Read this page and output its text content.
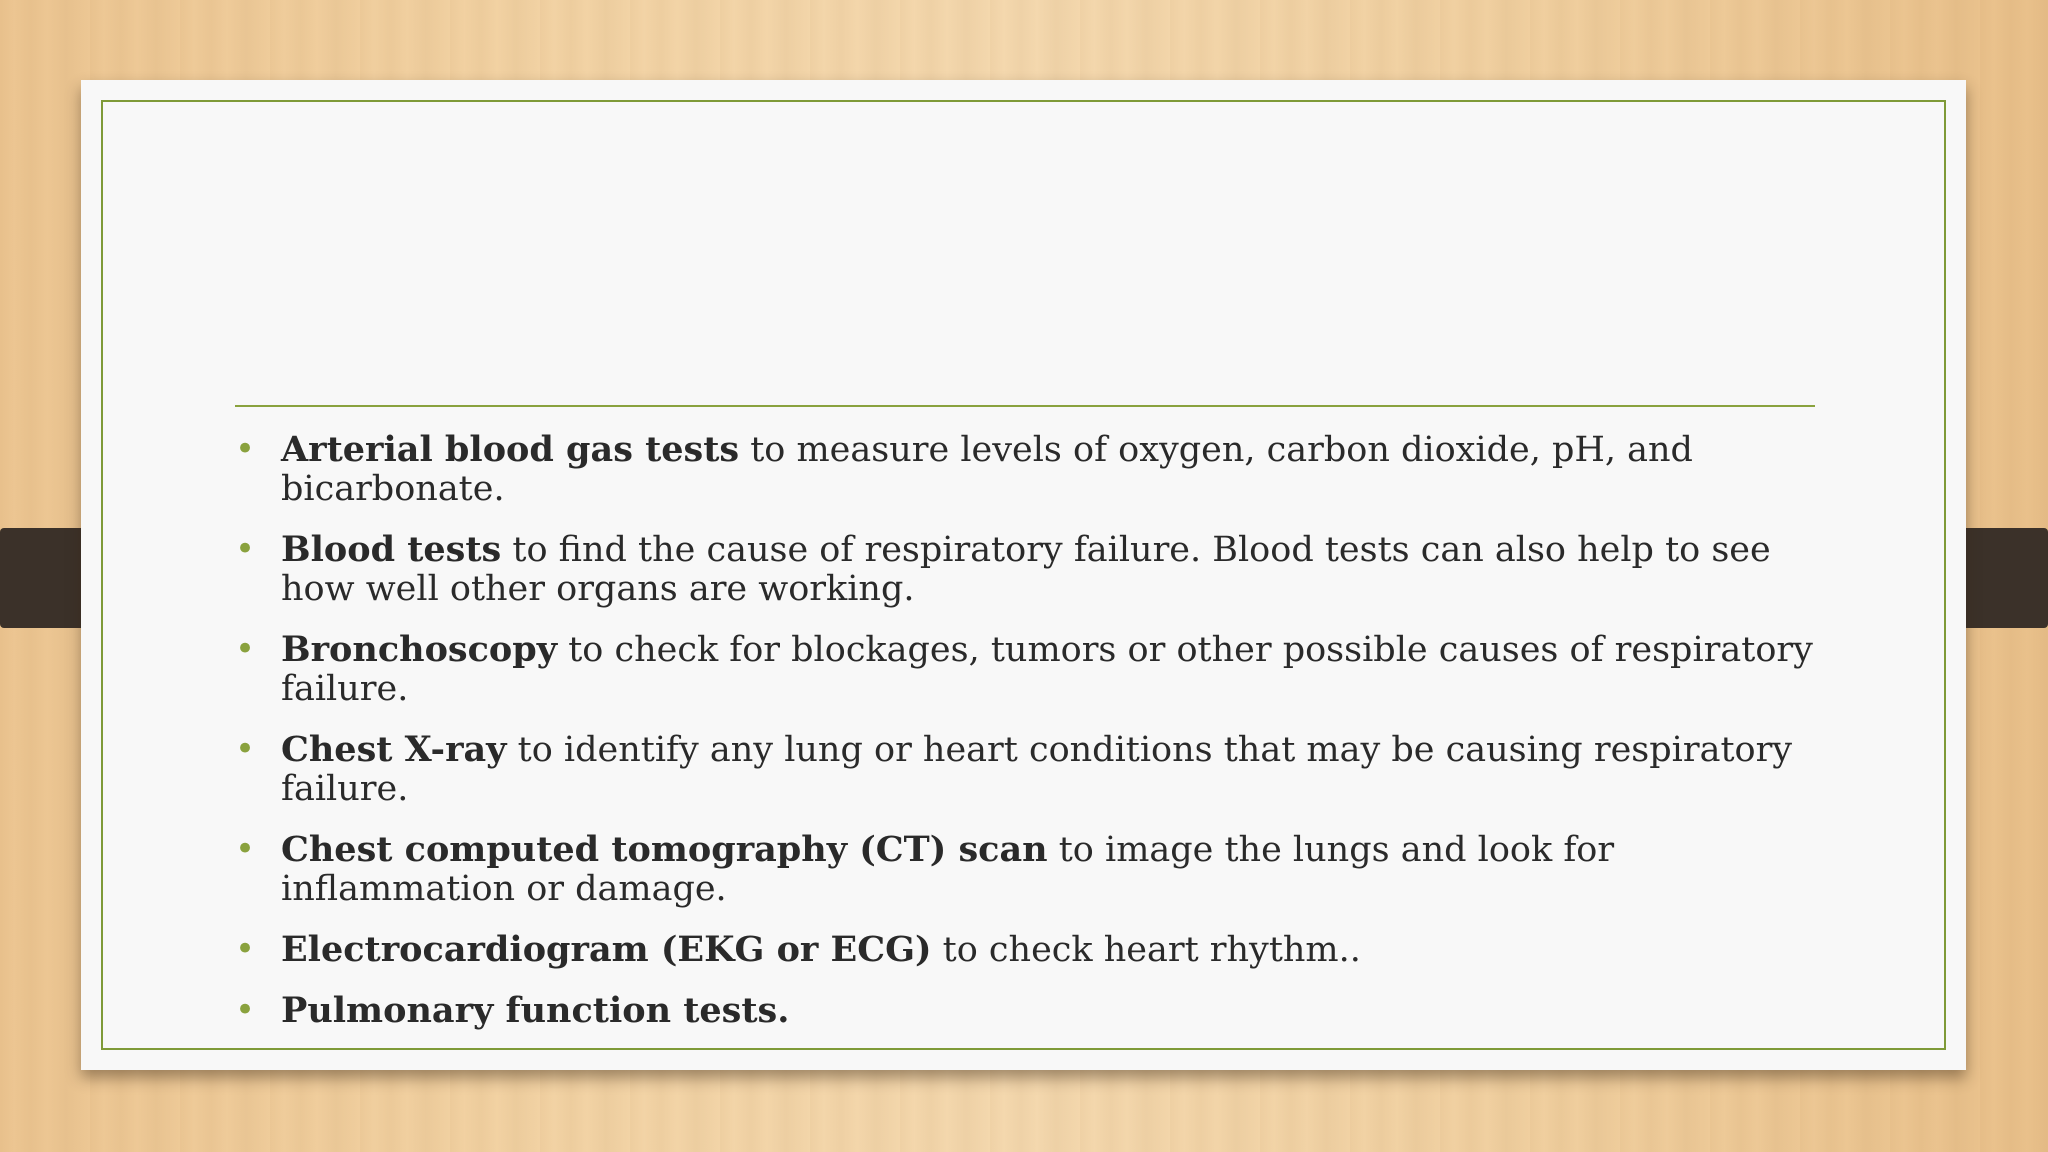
• Arterial blood gas tests to measure levels of oxygen, carbon dioxide, pH, and bicarbonate.
• Blood tests to find the cause of respiratory failure. Blood tests can also help to see how well other organs are working.
• Bronchoscopy to check for blockages, tumors or other possible causes of respiratory failure.
• Chest X-ray to identify any lung or heart conditions that may be causing respiratory failure.
• Chest computed tomography (CT) scan to image the lungs and look for inflammation or damage.
• Electrocardiogram (EKG or ECG) to check heart rhythm..
• Pulmonary function tests.
